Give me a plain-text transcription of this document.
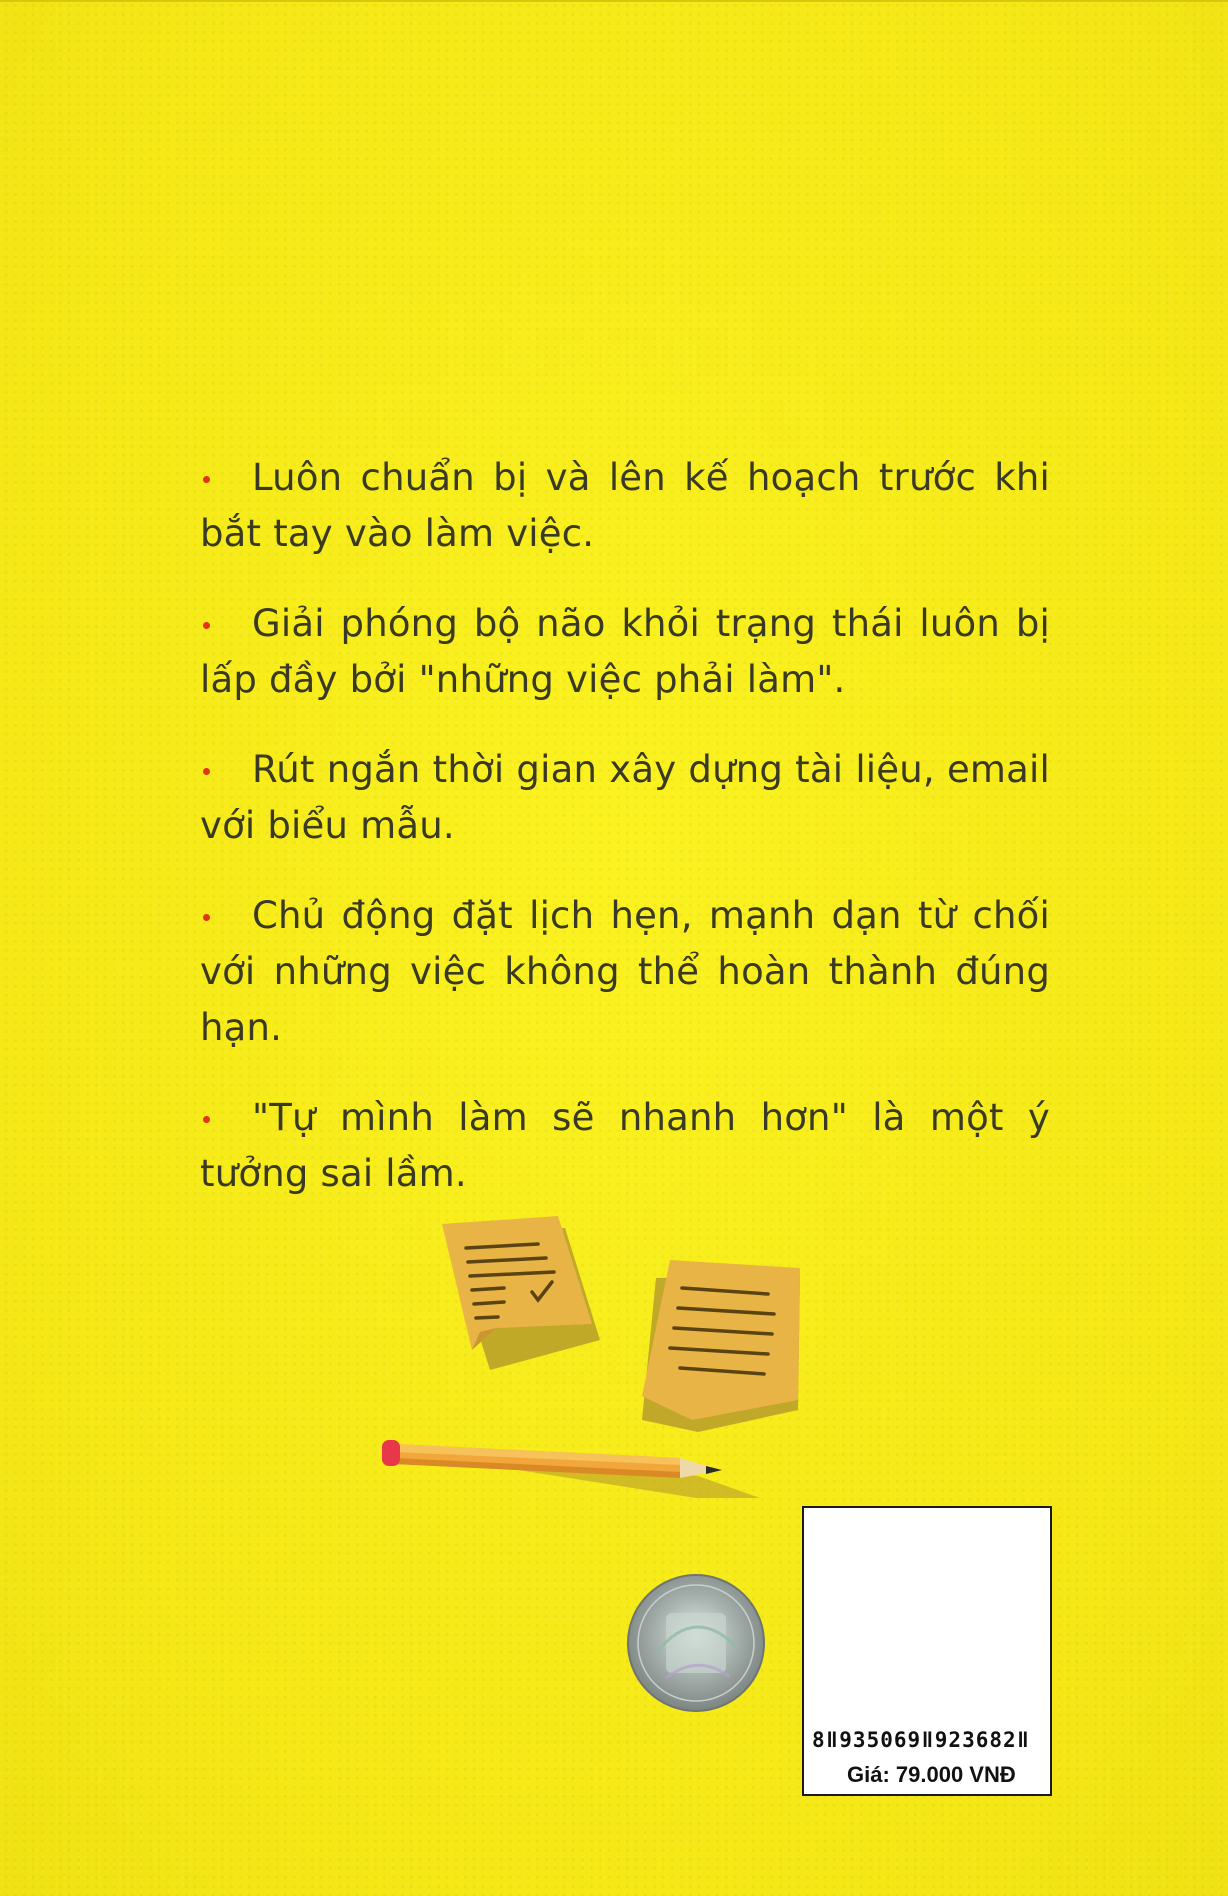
Luôn chuẩn bị và lên kế hoạch trước khi bắt tay vào làm việc.
Giải phóng bộ não khỏi trạng thái luôn bị lấp đầy bởi "những việc phải làm".
Rút ngắn thời gian xây dựng tài liệu, email với biểu mẫu.
Chủ động đặt lịch hẹn, mạnh dạn từ chối với những việc không thể hoàn thành đúng hạn.
"Tự mình làm sẽ nhanh hơn" là một ý tưởng sai lầm.
8ǁ935069ǁ923682ǁ
Giá: 79.000 VNĐ
